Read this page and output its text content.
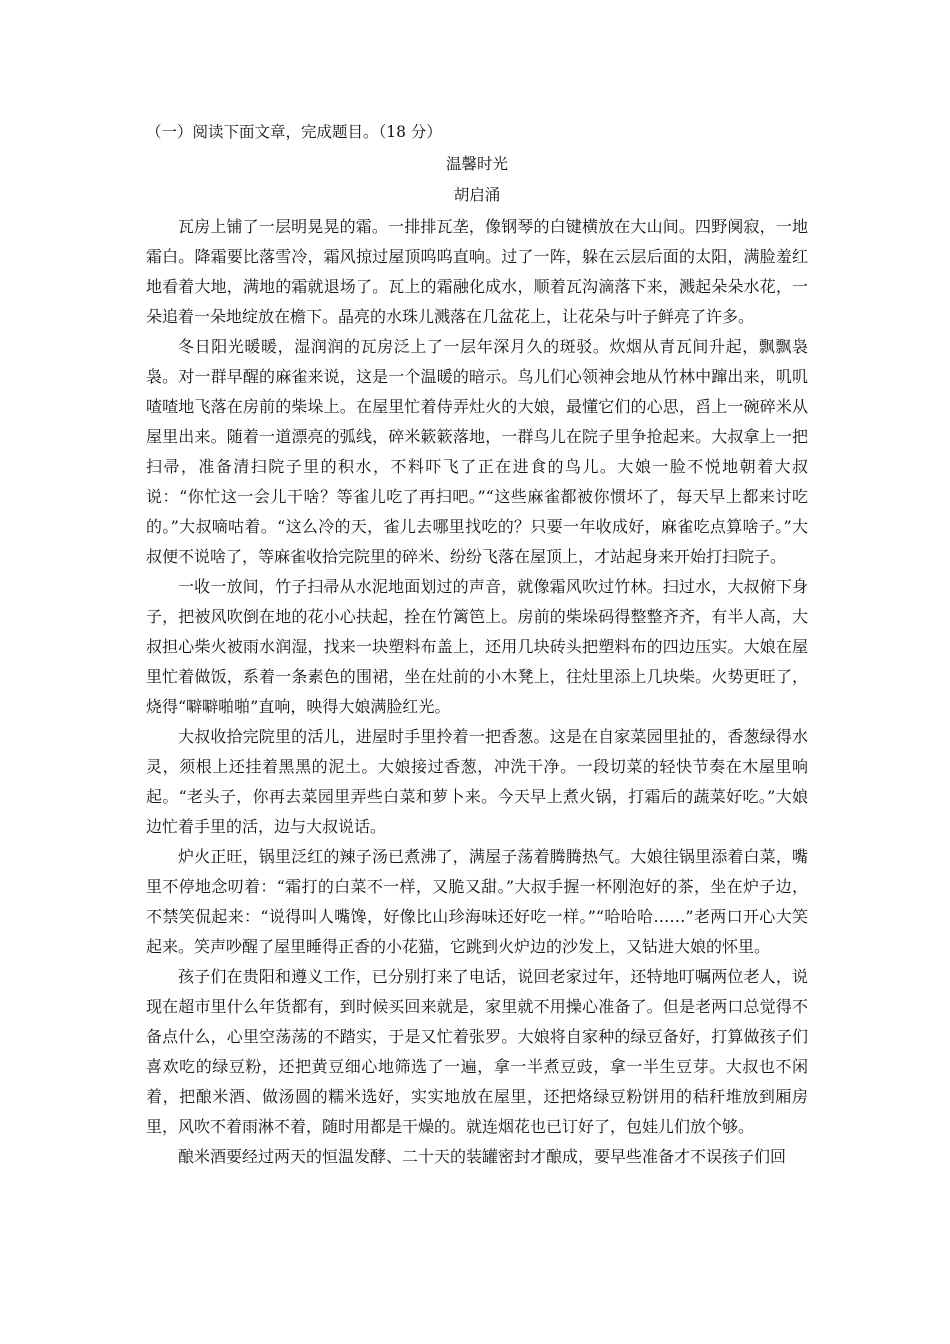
（一）阅读下面文章，完成题目。（18 分）
温馨时光
胡启涌

瓦房上铺了一层明晃晃的霜。一排排瓦垄，像钢琴的白键横放在大山间。四野阒寂，一地霜白。降霜要比落雪冷，霜风掠过屋顶呜呜直响。过了一阵，躲在云层后面的太阳，满脸羞红地看着大地，满地的霜就退场了。瓦上的霜融化成水，顺着瓦沟滴落下来，溅起朵朵水花，一朵追着一朵地绽放在檐下。晶亮的水珠儿溅落在几盆花上，让花朵与叶子鲜亮了许多。

冬日阳光暖暖，湿润润的瓦房泛上了一层年深月久的斑驳。炊烟从青瓦间升起，飘飘袅袅。对一群早醒的麻雀来说，这是一个温暖的暗示。鸟儿们心领神会地从竹林中蹿出来，叽叽喳喳地飞落在房前的柴垛上。在屋里忙着侍弄灶火的大娘，最懂它们的心思，舀上一碗碎米从屋里出来。随着一道漂亮的弧线，碎米簌簌落地，一群鸟儿在院子里争抢起来。大叔拿上一把扫帚，准备清扫院子里的积水，不料吓飞了正在进食的鸟儿。大娘一脸不悦地朝着大叔说：“你忙这一会儿干啥？等雀儿吃了再扫吧。”“这些麻雀都被你惯坏了，每天早上都来讨吃的。”大叔嘀咕着。“这么冷的天，雀儿去哪里找吃的？只要一年收成好，麻雀吃点算啥子。”大叔便不说啥了，等麻雀收拾完院里的碎米、纷纷飞落在屋顶上，才站起身来开始打扫院子。

一收一放间，竹子扫帚从水泥地面划过的声音，就像霜风吹过竹林。扫过水，大叔俯下身子，把被风吹倒在地的花小心扶起，拴在竹篱笆上。房前的柴垛码得整整齐齐，有半人高，大叔担心柴火被雨水润湿，找来一块塑料布盖上，还用几块砖头把塑料布的四边压实。大娘在屋里忙着做饭，系着一条素色的围裙，坐在灶前的小木凳上，往灶里添上几块柴。火势更旺了，烧得“噼噼啪啪”直响，映得大娘满脸红光。

大叔收拾完院里的活儿，进屋时手里拎着一把香葱。这是在自家菜园里扯的，香葱绿得水灵，须根上还挂着黑黑的泥土。大娘接过香葱，冲洗干净。一段切菜的轻快节奏在木屋里响起。“老头子，你再去菜园里弄些白菜和萝卜来。今天早上煮火锅，打霜后的蔬菜好吃。”大娘边忙着手里的活，边与大叔说话。

炉火正旺，锅里泛红的辣子汤已煮沸了，满屋子荡着腾腾热气。大娘往锅里添着白菜，嘴里不停地念叨着：“霜打的白菜不一样，又脆又甜。”大叔手握一杯刚泡好的茶，坐在炉子边，不禁笑侃起来：“说得叫人嘴馋，好像比山珍海味还好吃一样。”“哈哈哈……”老两口开心大笑起来。笑声吵醒了屋里睡得正香的小花猫，它跳到火炉边的沙发上，又钻进大娘的怀里。

孩子们在贵阳和遵义工作，已分别打来了电话，说回老家过年，还特地叮嘱两位老人，说现在超市里什么年货都有，到时候买回来就是，家里就不用操心准备了。但是老两口总觉得不备点什么，心里空荡荡的不踏实，于是又忙着张罗。大娘将自家种的绿豆备好，打算做孩子们喜欢吃的绿豆粉，还把黄豆细心地筛选了一遍，拿一半煮豆豉，拿一半生豆芽。大叔也不闲着，把酿米酒、做汤圆的糯米选好，实实地放在屋里，还把烙绿豆粉饼用的秸秆堆放到厢房里，风吹不着雨淋不着，随时用都是干燥的。就连烟花也已订好了，包娃儿们放个够。

酿米酒要经过两天的恒温发酵、二十天的装罐密封才酿成，要早些准备才不误孩子们回
